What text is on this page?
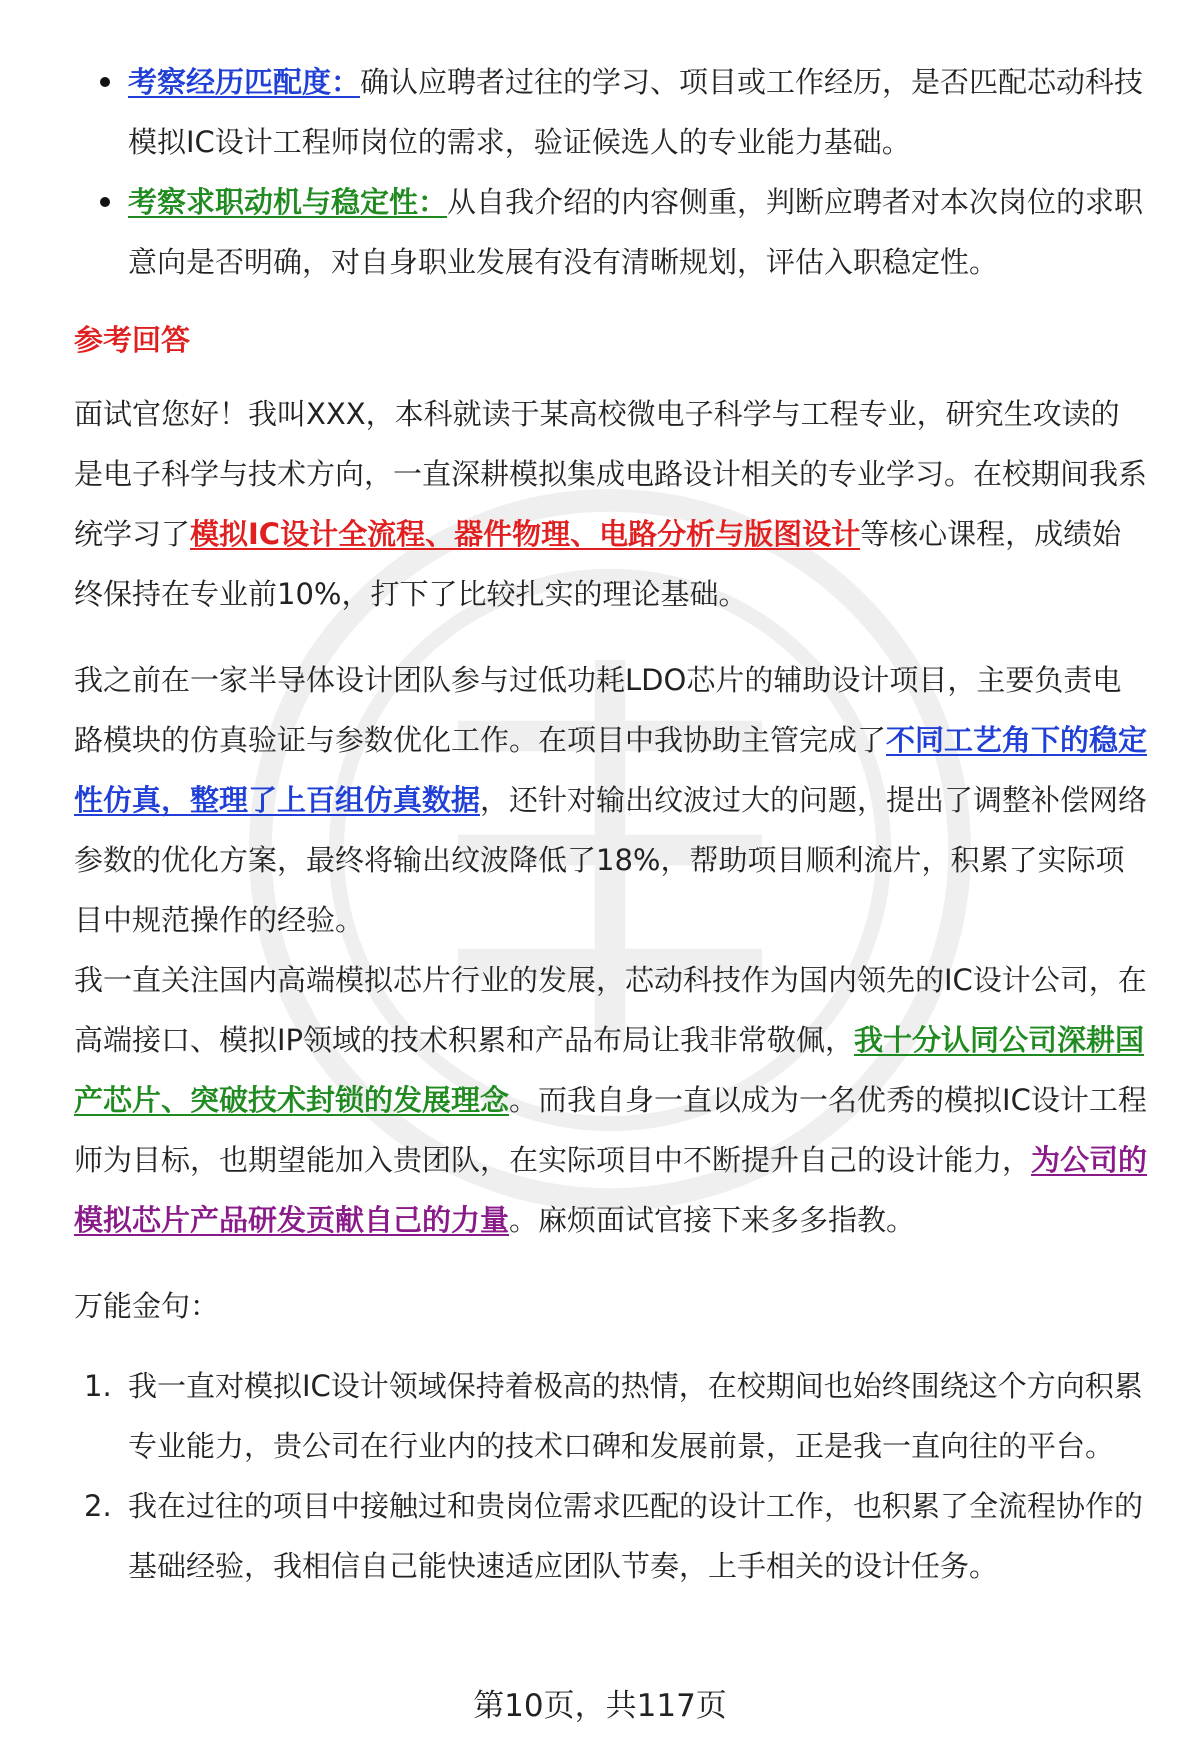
考察经历匹配度：确认应聘者过往的学习、项目或工作经历，是否匹配芯动科技模拟IC设计工程师岗位的需求，验证候选人的专业能力基础。
考察求职动机与稳定性：从自我介绍的内容侧重，判断应聘者对本次岗位的求职意向是否明确，对自身职业发展有没有清晰规划，评估入职稳定性。
参考回答

面试官您好！我叫XXX，本科就读于某高校微电子科学与工程专业，研究生攻读的是电子科学与技术方向，一直深耕模拟集成电路设计相关的专业学习。在校期间我系统学习了模拟IC设计全流程、器件物理、电路分析与版图设计等核心课程，成绩始终保持在专业前10%，打下了比较扎实的理论基础。

我之前在一家半导体设计团队参与过低功耗LDO芯片的辅助设计项目，主要负责电路模块的仿真验证与参数优化工作。在项目中我协助主管完成了不同工艺角下的稳定性仿真，整理了上百组仿真数据，还针对输出纹波过大的问题，提出了调整补偿网络参数的优化方案，最终将输出纹波降低了18%，帮助项目顺利流片，积累了实际项目中规范操作的经验。

我一直关注国内高端模拟芯片行业的发展，芯动科技作为国内领先的IC设计公司，在高端接口、模拟IP领域的技术积累和产品布局让我非常敬佩，我十分认同公司深耕国产芯片、突破技术封锁的发展理念。而我自身一直以成为一名优秀的模拟IC设计工程师为目标，也期望能加入贵团队，在实际项目中不断提升自己的设计能力，为公司的模拟芯片产品研发贡献自己的力量。麻烦面试官接下来多多指教。

万能金句：

1. 我一直对模拟IC设计领域保持着极高的热情，在校期间也始终围绕这个方向积累专业能力，贵公司在行业内的技术口碑和发展前景，正是我一直向往的平台。
2. 我在过往的项目中接触过和贵岗位需求匹配的设计工作，也积累了全流程协作的基础经验，我相信自己能快速适应团队节奏，上手相关的设计任务。
第10页，共117页
